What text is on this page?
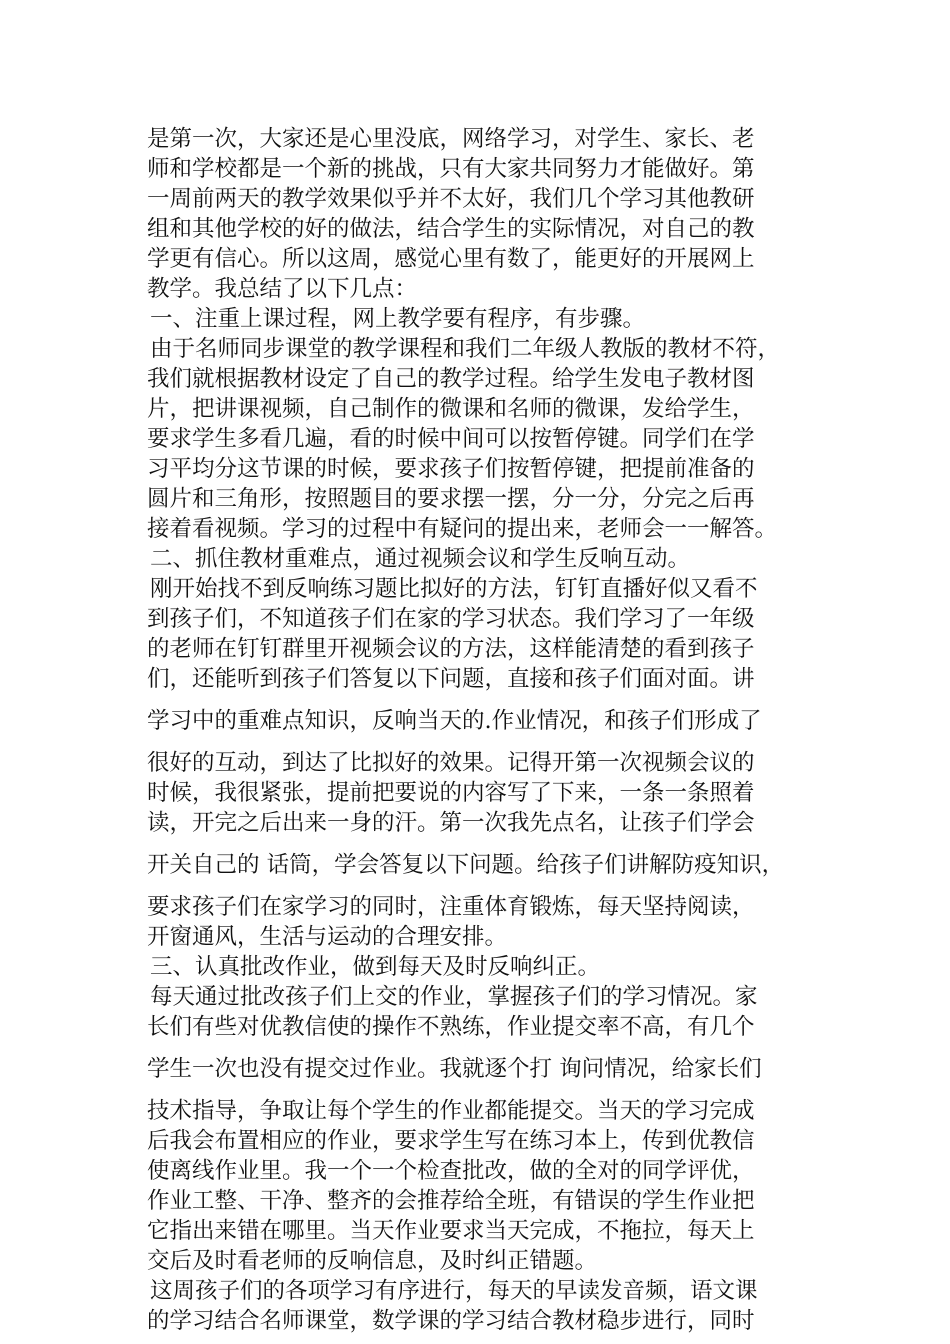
是第一次，大家还是心里没底，网络学习，对学生、家长、老
师和学校都是一个新的挑战，只有大家共同努力才能做好。第
一周前两天的教学效果似乎并不太好，我们几个学习其他教研
组和其他学校的好的做法，结合学生的实际情况，对自己的教
学更有信心。所以这周，感觉心里有数了，能更好的开展网上
教学。我总结了以下几点：
一、注重上课过程，网上教学要有程序，有步骤。
由于名师同步课堂的教学课程和我们二年级人教版的教材不符，
我们就根据教材设定了自己的教学过程。给学生发电子教材图
片，把讲课视频，自己制作的微课和名师的微课，发给学生，
要求学生多看几遍，看的时候中间可以按暂停键。同学们在学
习平均分这节课的时候，要求孩子们按暂停键，把提前准备的
圆片和三角形，按照题目的要求摆一摆，分一分，分完之后再
接着看视频。学习的过程中有疑问的提出来，老师会一一解答。
二、抓住教材重难点，通过视频会议和学生反响互动。
刚开始找不到反响练习题比拟好的方法，钉钉直播好似又看不
到孩子们，不知道孩子们在家的学习状态。我们学习了一年级
的老师在钉钉群里开视频会议的方法，这样能清楚的看到孩子
们，还能听到孩子们答复以下问题，直接和孩子们面对面。讲
学习中的重难点知识，反响当天的.作业情况，和孩子们形成了
很好的互动，到达了比拟好的效果。记得开第一次视频会议的
时候，我很紧张，提前把要说的内容写了下来，一条一条照着
读，开完之后出来一身的汗。第一次我先点名，让孩子们学会
开关自己的 话筒，学会答复以下问题。给孩子们讲解防疫知识，
要求孩子们在家学习的同时，注重体育锻炼，每天坚持阅读，
开窗通风，生活与运动的合理安排。
三、认真批改作业，做到每天及时反响纠正。
每天通过批改孩子们上交的作业，掌握孩子们的学习情况。家
长们有些对优教信使的操作不熟练，作业提交率不高，有几个
学生一次也没有提交过作业。我就逐个打 询问情况，给家长们
技术指导，争取让每个学生的作业都能提交。当天的学习完成
后我会布置相应的作业，要求学生写在练习本上，传到优教信
使离线作业里。我一个一个检查批改，做的全对的同学评优，
作业工整、干净、整齐的会推荐给全班，有错误的学生作业把
它指出来错在哪里。当天作业要求当天完成，不拖拉，每天上
交后及时看老师的反响信息，及时纠正错题。
这周孩子们的各项学习有序进行，每天的早读发音频，语文课
的学习结合名师课堂，数学课的学习结合教材稳步进行，同时
